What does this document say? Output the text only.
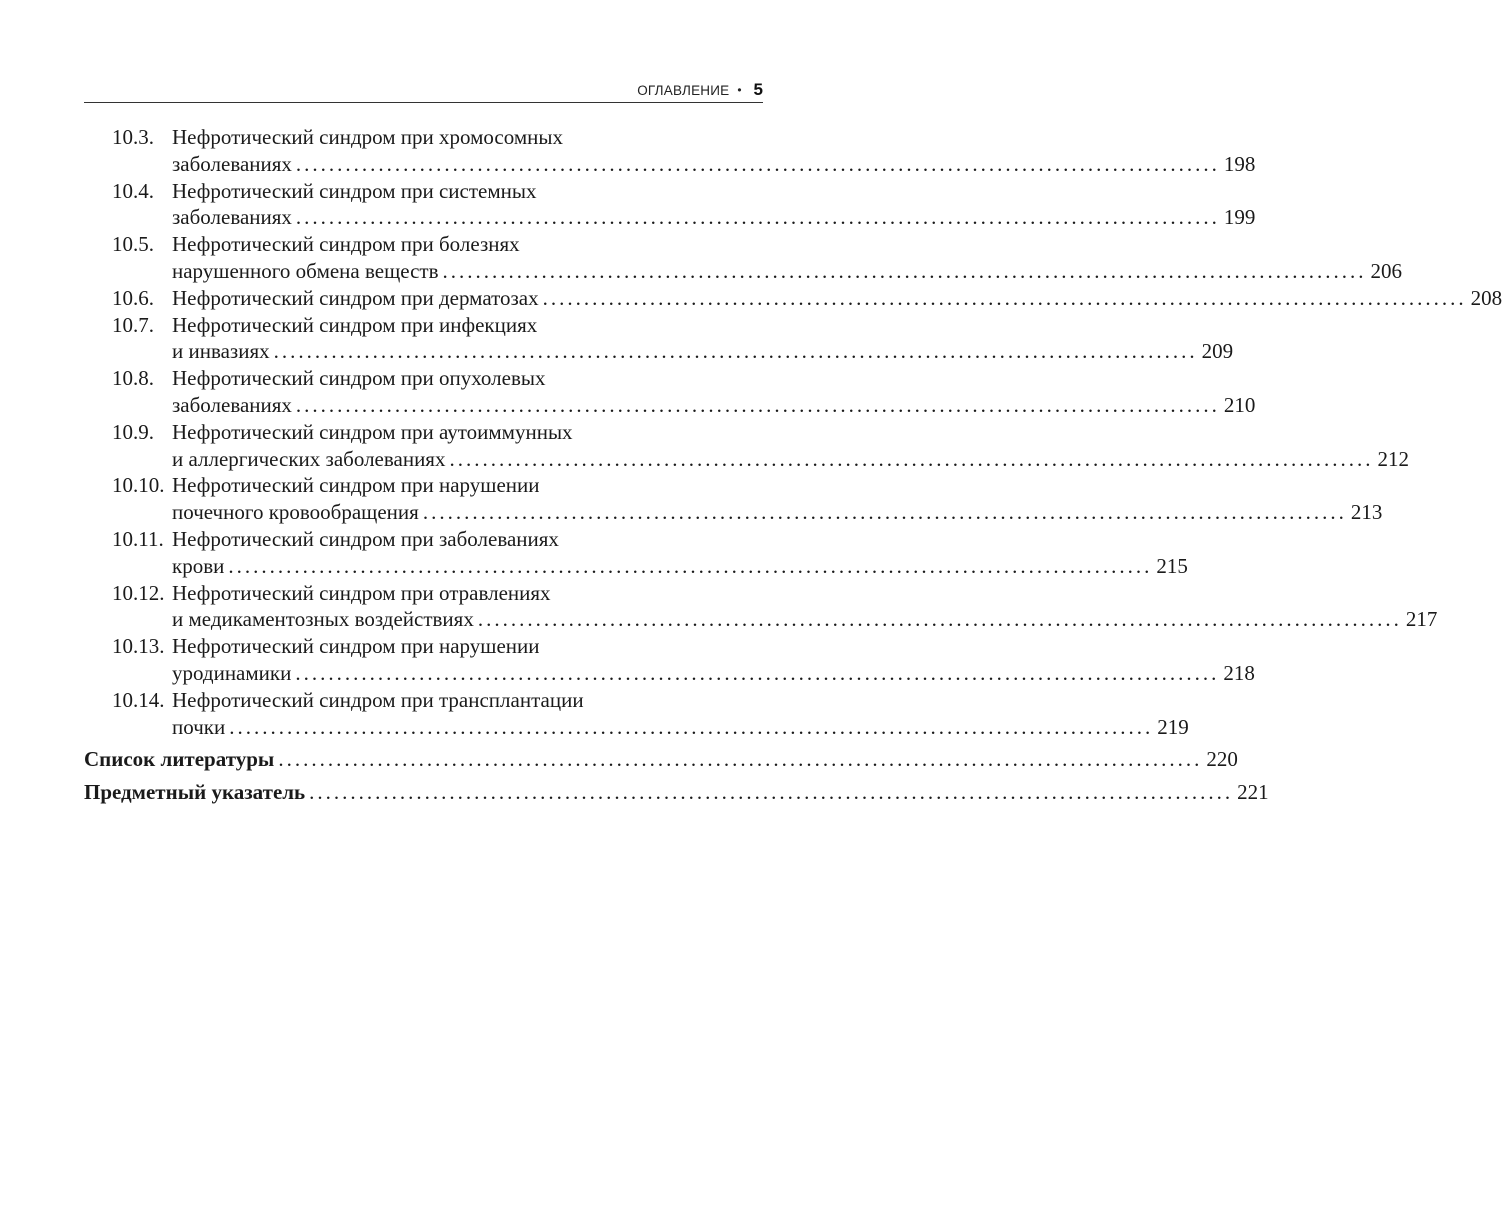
ОГЛАВЛЕНИЕ • 5
10.3. Нефротический синдром при хромосомных
заболеваниях ................................................................................................................ 198
10.4. Нефротический синдром при системных
заболеваниях ................................................................................................................ 199
10.5. Нефротический синдром при болезнях
нарушенного обмена веществ ................................................................................................................ 206
10.6. Нефротический синдром при дерматозах ................................................................................................................ 208
10.7. Нефротический синдром при инфекциях
и инвазиях ................................................................................................................ 209
10.8. Нефротический синдром при опухолевых
заболеваниях ................................................................................................................ 210
10.9. Нефротический синдром при аутоиммунных
и аллергических заболеваниях ................................................................................................................ 212
10.10. Нефротический синдром при нарушении
почечного кровообращения ................................................................................................................ 213
10.11. Нефротический синдром при заболеваниях
крови ................................................................................................................ 215
10.12. Нефротический синдром при отравлениях
и медикаментозных воздействиях ................................................................................................................ 217
10.13. Нефротический синдром при нарушении
уродинамики ................................................................................................................ 218
10.14. Нефротический синдром при трансплантации
почки ................................................................................................................ 219
Список литературы ................................................................................................................ 220
Предметный указатель ................................................................................................................ 221
